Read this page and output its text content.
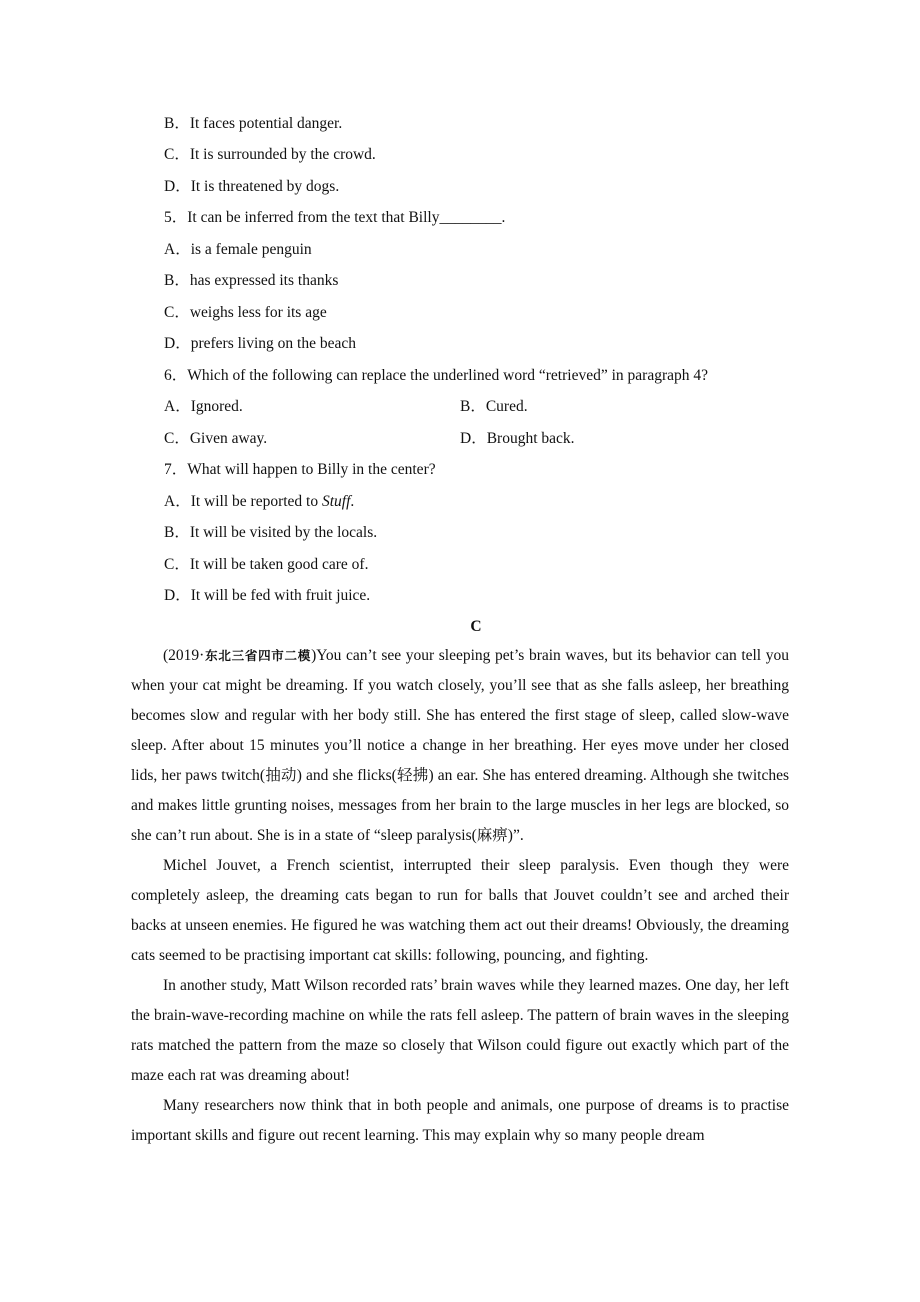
B．It faces potential danger.
C．It is surrounded by the crowd.
D．It is threatened by dogs.
5．It can be inferred from the text that Billy________.
A．is a female penguin
B．has expressed its thanks
C．weighs less for its age
D．prefers living on the beach
6．Which of the following can replace the underlined word “retrieved” in paragraph 4?
A．Ignored.	B．Cured.
C．Given away.	D．Brought back.
7．What will happen to Billy in the center?
A．It will be reported to Stuff.
B．It will be visited by the locals.
C．It will be taken good care of.
D．It will be fed with fruit juice.
C

(2019·东北三省四市二模)You can’t see your sleeping pet’s brain waves, but its behavior can tell you when your cat might be dreaming. If you watch closely, you’ll see that as she falls asleep, her breathing becomes slow and regular with her body still. She has entered the first stage of sleep, called slow-wave sleep. After about 15 minutes you’ll notice a change in her breathing. Her eyes move under her closed lids, her paws twitch(抽动) and she flicks(轻拂) an ear. She has entered dreaming. Although she twitches and makes little grunting noises, messages from her brain to the large muscles in her legs are blocked, so she can’t run about. She is in a state of “sleep paralysis(麻痹)”.

Michel Jouvet, a French scientist, interrupted their sleep paralysis. Even though they were completely asleep, the dreaming cats began to run for balls that Jouvet couldn’t see and arched their backs at unseen enemies. He figured he was watching them act out their dreams! Obviously, the dreaming cats seemed to be practising important cat skills: following, pouncing, and fighting.

In another study, Matt Wilson recorded rats’ brain waves while they learned mazes. One day, her left the brain-wave-recording machine on while the rats fell asleep. The pattern of brain waves in the sleeping rats matched the pattern from the maze so closely that Wilson could figure out exactly which part of the maze each rat was dreaming about!

Many researchers now think that in both people and animals, one purpose of dreams is to practise important skills and figure out recent learning. This may explain why so many people dream
